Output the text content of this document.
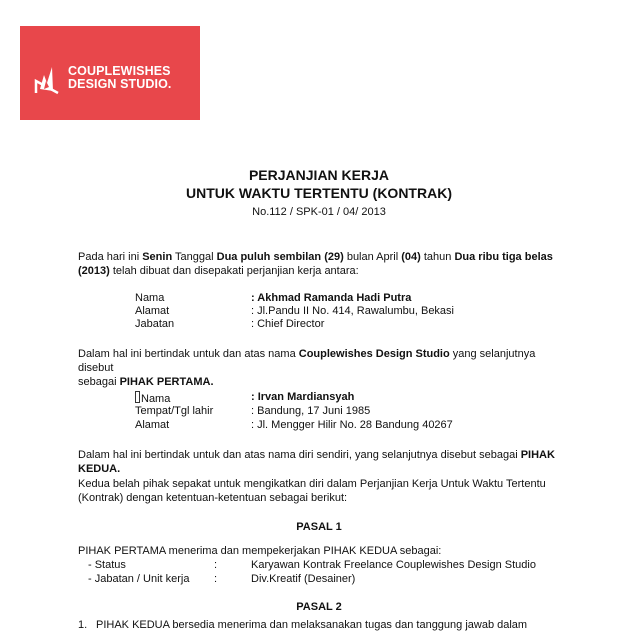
COUPLEWISHES
DESIGN STUDIO.
PERJANJIAN KERJA
UNTUK WAKTU TERTENTU (KONTRAK)
No.112 / SPK-01 / 04/ 2013
Pada hari ini Senin Tanggal Dua puluh sembilan (29) bulan April (04) tahun Dua ribu tiga belas
(2013) telah dibuat dan disepakati perjanjian kerja antara:
Nama	: Akhmad Ramanda Hadi Putra
Alamat	: Jl.Pandu II No. 414, Rawalumbu, Bekasi
Jabatan	: Chief Director
Dalam hal ini bertindak untuk dan atas nama Couplewishes Design Studio yang selanjutnya disebut
sebagai PIHAK PERTAMA.
Nama	: Irvan Mardiansyah
Tempat/Tgl lahir	: Bandung, 17 Juni 1985
Alamat	: Jl. Mengger Hilir No. 28 Bandung 40267
Dalam hal ini bertindak untuk dan atas nama diri sendiri, yang selanjutnya disebut sebagai PIHAK
KEDUA.
Kedua belah pihak sepakat untuk mengikatkan diri dalam Perjanjian Kerja Untuk Waktu Tertentu
(Kontrak) dengan ketentuan-ketentuan sebagai berikut:
PASAL 1
PIHAK PERTAMA menerima dan mempekerjakan PIHAK KEDUA sebagai:
- Status	:	Karyawan Kontrak Freelance Couplewishes Design Studio
- Jabatan / Unit kerja :	Div.Kreatif (Desainer)
PASAL 2
1. PIHAK KEDUA bersedia menerima dan melaksanakan tugas dan tanggung jawab dalam
